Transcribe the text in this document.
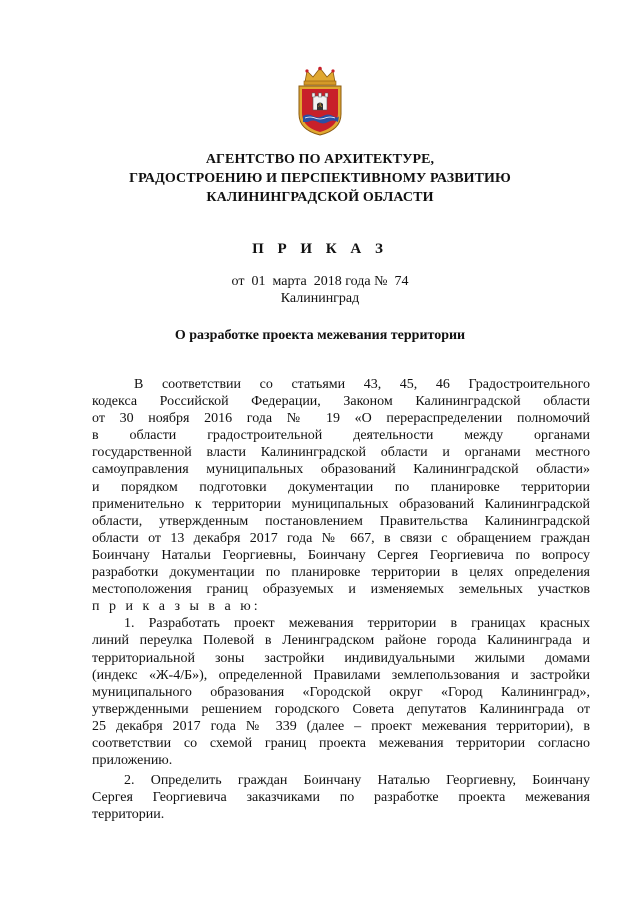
A
АГЕНТСТВО ПО АРХИТЕКТУРЕ,
ГРАДОСТРОЕНИЮ И ПЕРСПЕКТИВНОМУ РАЗВИТИЮ
КАЛИНИНГРАДСКОЙ ОБЛАСТИ
П Р И К А З
от  01  марта  2018 года №  74
Калининград
О разработке проекта межевания территории
В соответствии со статьями 43, 45, 46 Градостроительного
кодекса Российской Федерации, Законом Калининградской области
от 30 ноября 2016 года № 19 «О перераспределении полномочий
в области градостроительной деятельности между органами
государственной власти Калининградской области и органами местного
самоуправления муниципальных образований Калининградской области»
и порядком подготовки документации по планировке территории
применительно к территории муниципальных образований Калининградской
области, утвержденным постановлением Правительства Калининградской
области от 13 декабря 2017 года № 667, в связи с обращением граждан
Боинчану Натальи Георгиевны, Боинчану Сергея Георгиевича по вопросу
разработки документации по планировке территории в целях определения
местоположения границ образуемых и изменяемых земельных участков
п р и к а з ы в а ю:
1. Разработать проект межевания территории в границах красных
линий переулка Полевой в Ленинградском районе города Калининграда и
территориальной зоны застройки индивидуальными жилыми домами
(индекс «Ж-4/Б»), определенной Правилами землепользования и застройки
муниципального образования «Городской округ «Город Калининград»,
утвержденными решением городского Совета депутатов Калининграда от
25 декабря 2017 года № 339 (далее – проект межевания территории), в
соответствии со схемой границ проекта межевания территории согласно
приложению.
2. Определить граждан Боинчану Наталью Георгиевну, Боинчану
Сергея Георгиевича заказчиками по разработке проекта межевания
территории.
